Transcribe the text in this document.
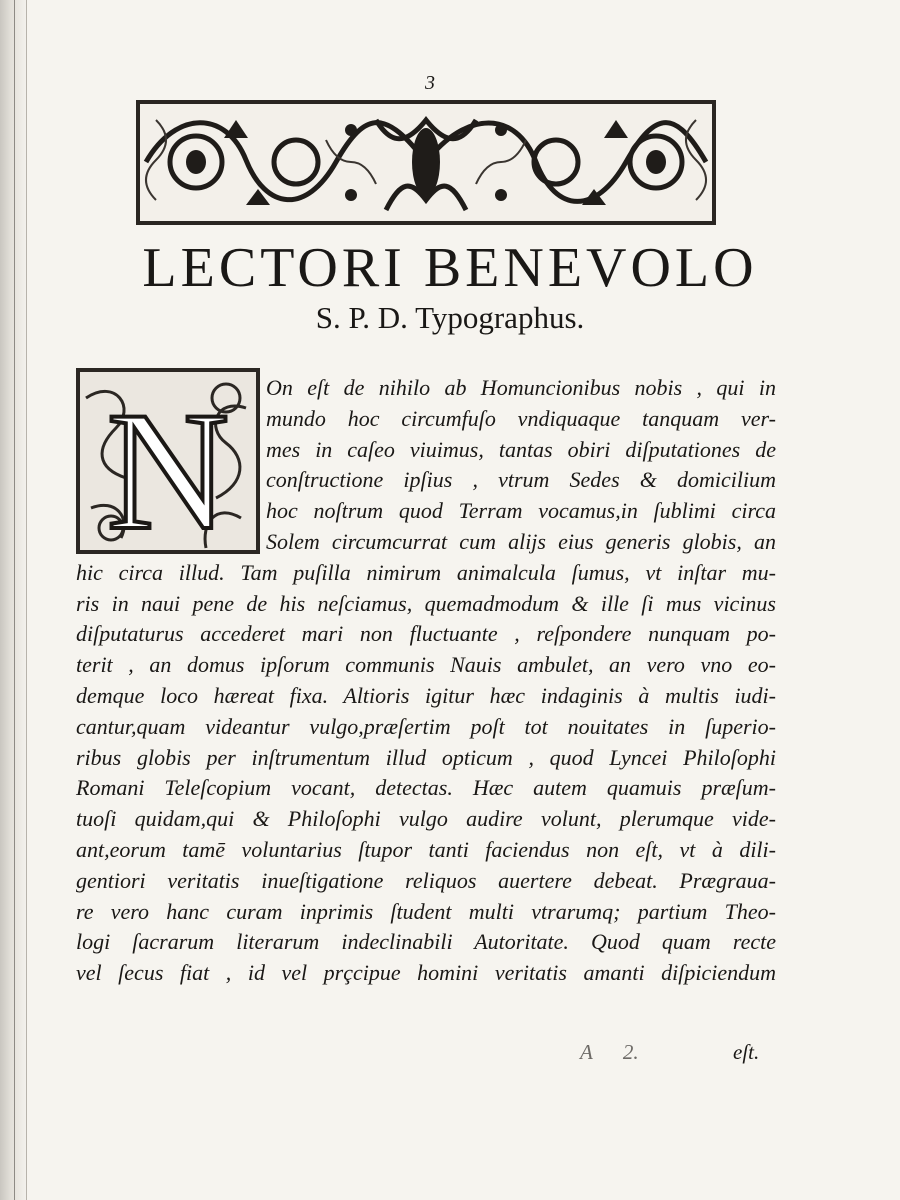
3
LECTORI BENEVOLO
S. P. D. Typographus.
N On eſt de nihilo ab Homuncionibus nobis , qui in
mundo hoc circumfuſo vndiquaque tanquam ver-
mes in caſeo viuimus, tantas obiri diſputationes de
conſtructione ipſius , vtrum Sedes & domicilium
hoc noſtrum quod Terram vocamus,in ſublimi circa
Solem circumcurrat cum alijs eius generis globis, an
hic circa illud. Tam puſilla nimirum animalcula ſumus, vt inſtar mu-
ris in naui pene de his neſciamus, quemadmodum & ille ſi mus vicinus
diſputaturus accederet mari non fluctuante , reſpondere nunquam po-
terit , an domus ipſorum communis Nauis ambulet, an vero vno eo-
demque loco hæreat fixa. Altioris igitur hæc indaginis à multis iudi-
cantur,quam videantur vulgo,præſertim poſt tot nouitates in ſuperio-
ribus globis per inſtrumentum illud opticum , quod Lyncei Philoſophi
Romani Teleſcopium vocant, detectas. Hæc autem quamuis præſum-
tuoſi quidam,qui & Philoſophi vulgo audire volunt, plerumque vide-
ant,eorum tamē voluntarius ſtupor tanti faciendus non eſt, vt à dili-
gentiori veritatis inueſtigatione reliquos auertere debeat. Prægraua-
re vero hanc curam inprimis ſtudent multi vtrarumq; partium Theo-
logi ſacrarum literarum indeclinabili Autoritate. Quod quam recte
vel ſecus fiat , id vel prçcipue homini veritatis amanti diſpiciendum
A 2.	eſt.
